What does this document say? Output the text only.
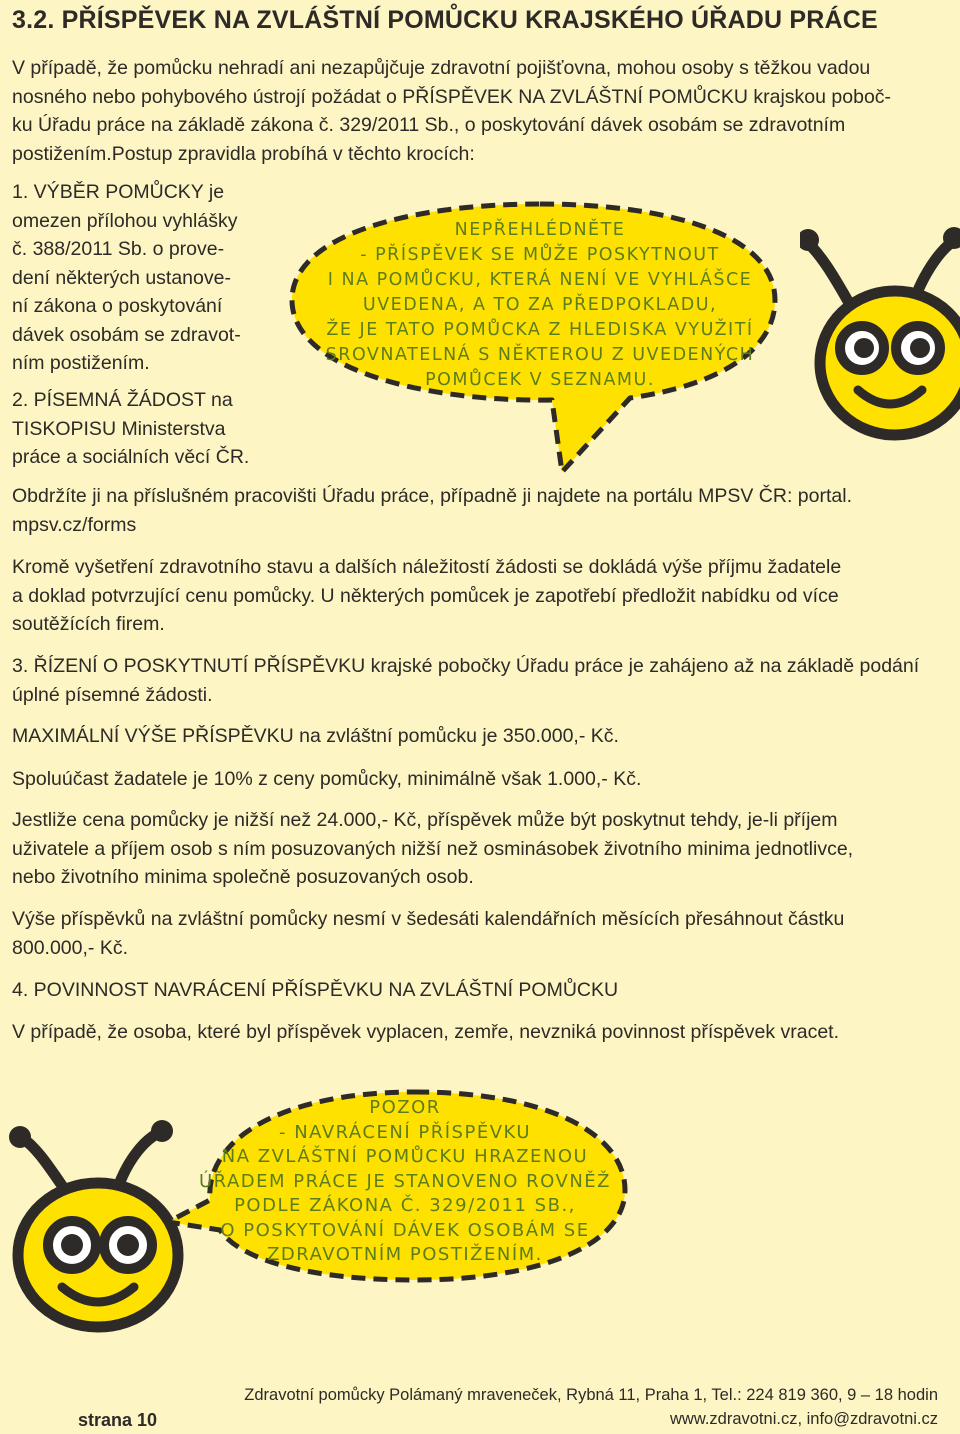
3.2. PŘÍSPĚVEK NA ZVLÁŠTNÍ POMŮCKU KRAJSKÉHO ÚŘADU PRÁCE
V případě, že pomůcku nehradí ani nezapůjčuje zdravotní pojišťovna, mohou osoby s těžkou vadou
nosného nebo pohybového ústrojí požádat o PŘÍSPĚVEK NA ZVLÁŠTNÍ POMŮCKU krajskou poboč-
ku Úřadu práce na základě zákona č. 329/2011 Sb., o poskytování dávek osobám se zdravotním
postižením.Postup zpravidla probíhá v těchto krocích:
1. VÝBĚR POMŮCKY je
omezen přílohou vyhlášky
č. 388/2011 Sb. o prove-
dení některých ustanove-
ní zákona o poskytování
dávek osobám se zdravot-
ním postižením.
2. PÍSEMNÁ ŽÁDOST na
TISKOPISU Ministerstva
práce a sociálních věcí ČR.
NEPŘEHLÉDNĚTE
- PŘÍSPĚVEK SE MŮŽE POSKYTNOUT
I NA POMŮCKU, KTERÁ NENÍ VE VYHLÁŠCE
UVEDENA, A TO ZA PŘEDPOKLADU,
ŽE JE TATO POMŮCKA Z HLEDISKA VYUŽITÍ
SROVNATELNÁ S NĚKTEROU Z UVEDENÝCH
POMŮCEK V SEZNAMU.
Obdržíte ji na příslušném pracovišti Úřadu práce, případně ji najdete na portálu MPSV ČR: portal.
mpsv.cz/forms
Kromě vyšetření zdravotního stavu a dalších náležitostí žádosti se dokládá výše příjmu žadatele
a doklad potvrzující cenu pomůcky. U některých pomůcek je zapotřebí předložit nabídku od více
soutěžících firem.
3. ŘÍZENÍ O POSKYTNUTÍ PŘÍSPĚVKU krajské pobočky Úřadu práce je zahájeno až na základě podání
úplné písemné žádosti.
MAXIMÁLNÍ VÝŠE PŘÍSPĚVKU na zvláštní pomůcku je 350.000,- Kč.
Spoluúčast žadatele je 10% z ceny pomůcky, minimálně však 1.000,- Kč.
Jestliže cena pomůcky je nižší než 24.000,- Kč, příspěvek může být poskytnut tehdy, je-li příjem
uživatele a příjem osob s ním posuzovaných nižší než osminásobek životního minima jednotlivce,
nebo životního minima společně posuzovaných osob.
Výše příspěvků na zvláštní pomůcky nesmí v šedesáti kalendářních měsících přesáhnout částku
800.000,- Kč.
4. POVINNOST NAVRÁCENÍ PŘÍSPĚVKU NA ZVLÁŠTNÍ POMŮCKU
V případě, že osoba, které byl příspěvek vyplacen, zemře, nevzniká povinnost příspěvek vracet.
POZOR
- NAVRÁCENÍ PŘÍSPĚVKU
NA ZVLÁŠTNÍ POMŮCKU HRAZENOU
ÚŘADEM PRÁCE JE STANOVENO ROVNĚŽ
PODLE ZÁKONA Č. 329/2011 SB.,
O POSKYTOVÁNÍ DÁVEK OSOBÁM SE
ZDRAVOTNÍM POSTIŽENÍM.
strana 10
Zdravotní pomůcky Polámaný mraveneček, Rybná 11, Praha 1, Tel.: 224 819 360, 9 – 18 hodin
www.zdravotni.cz, info@zdravotni.cz
